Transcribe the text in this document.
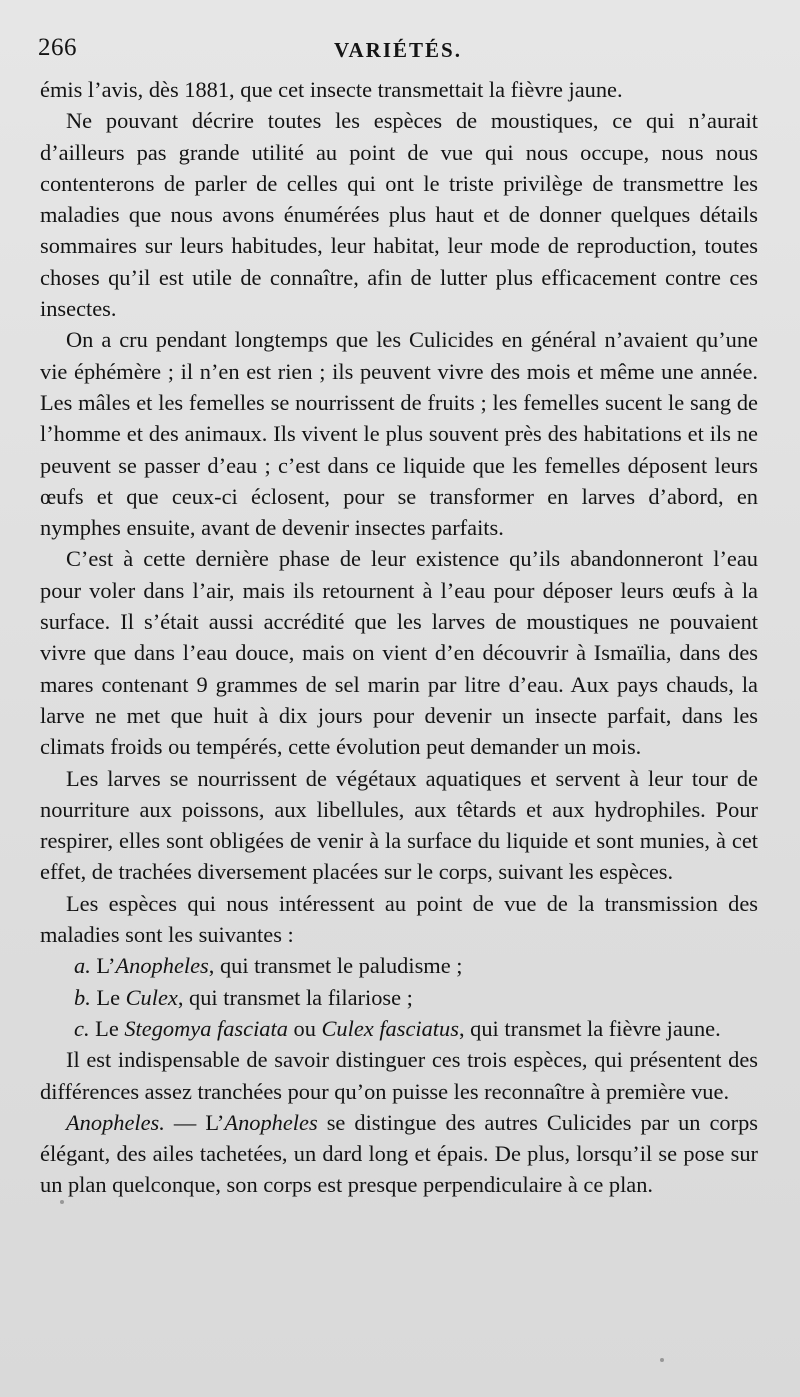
266	VARIÉTÉS.

émis l’avis, dès 1881, que cet insecte transmettait la fièvre jaune.

Ne pouvant décrire toutes les espèces de moustiques, ce qui n’aurait d’ailleurs pas grande utilité au point de vue qui nous occupe, nous nous contenterons de parler de celles qui ont le triste privilège de transmettre les maladies que nous avons énumérées plus haut et de donner quelques détails sommaires sur leurs habitudes, leur habitat, leur mode de reproduction, toutes choses qu’il est utile de connaître, afin de lutter plus efficacement contre ces insectes.

On a cru pendant longtemps que les Culicides en général n’avaient qu’une vie éphémère ; il n’en est rien ; ils peuvent vivre des mois et même une année. Les mâles et les femelles se nourrissent de fruits ; les femelles sucent le sang de l’homme et des animaux. Ils vivent le plus souvent près des habitations et ils ne peuvent se passer d’eau ; c’est dans ce liquide que les femelles déposent leurs œufs et que ceux-ci éclosent, pour se transformer en larves d’abord, en nymphes ensuite, avant de devenir insectes parfaits.

C’est à cette dernière phase de leur existence qu’ils abandonneront l’eau pour voler dans l’air, mais ils retournent à l’eau pour déposer leurs œufs à la surface. Il s’était aussi accrédité que les larves de moustiques ne pouvaient vivre que dans l’eau douce, mais on vient d’en découvrir à Ismaïlia, dans des mares contenant 9 grammes de sel marin par litre d’eau. Aux pays chauds, la larve ne met que huit à dix jours pour devenir un insecte parfait, dans les climats froids ou tempérés, cette évolution peut demander un mois.

Les larves se nourrissent de végétaux aquatiques et servent à leur tour de nourriture aux poissons, aux libellules, aux têtards et aux hydrophiles. Pour respirer, elles sont obligées de venir à la surface du liquide et sont munies, à cet effet, de trachées diversement placées sur le corps, suivant les espèces.

Les espèces qui nous intéressent au point de vue de la transmission des maladies sont les suivantes :

a. L’Anopheles, qui transmet le paludisme ;

b. Le Culex, qui transmet la filariose ;

c. Le Stegomya fasciata ou Culex fasciatus, qui transmet la fièvre jaune.

Il est indispensable de savoir distinguer ces trois espèces, qui présentent des différences assez tranchées pour qu’on puisse les reconnaître à première vue.

Anopheles. — L’Anopheles se distingue des autres Culicides par un corps élégant, des ailes tachetées, un dard long et épais. De plus, lorsqu’il se pose sur un plan quelconque, son corps est presque perpendiculaire à ce plan.
